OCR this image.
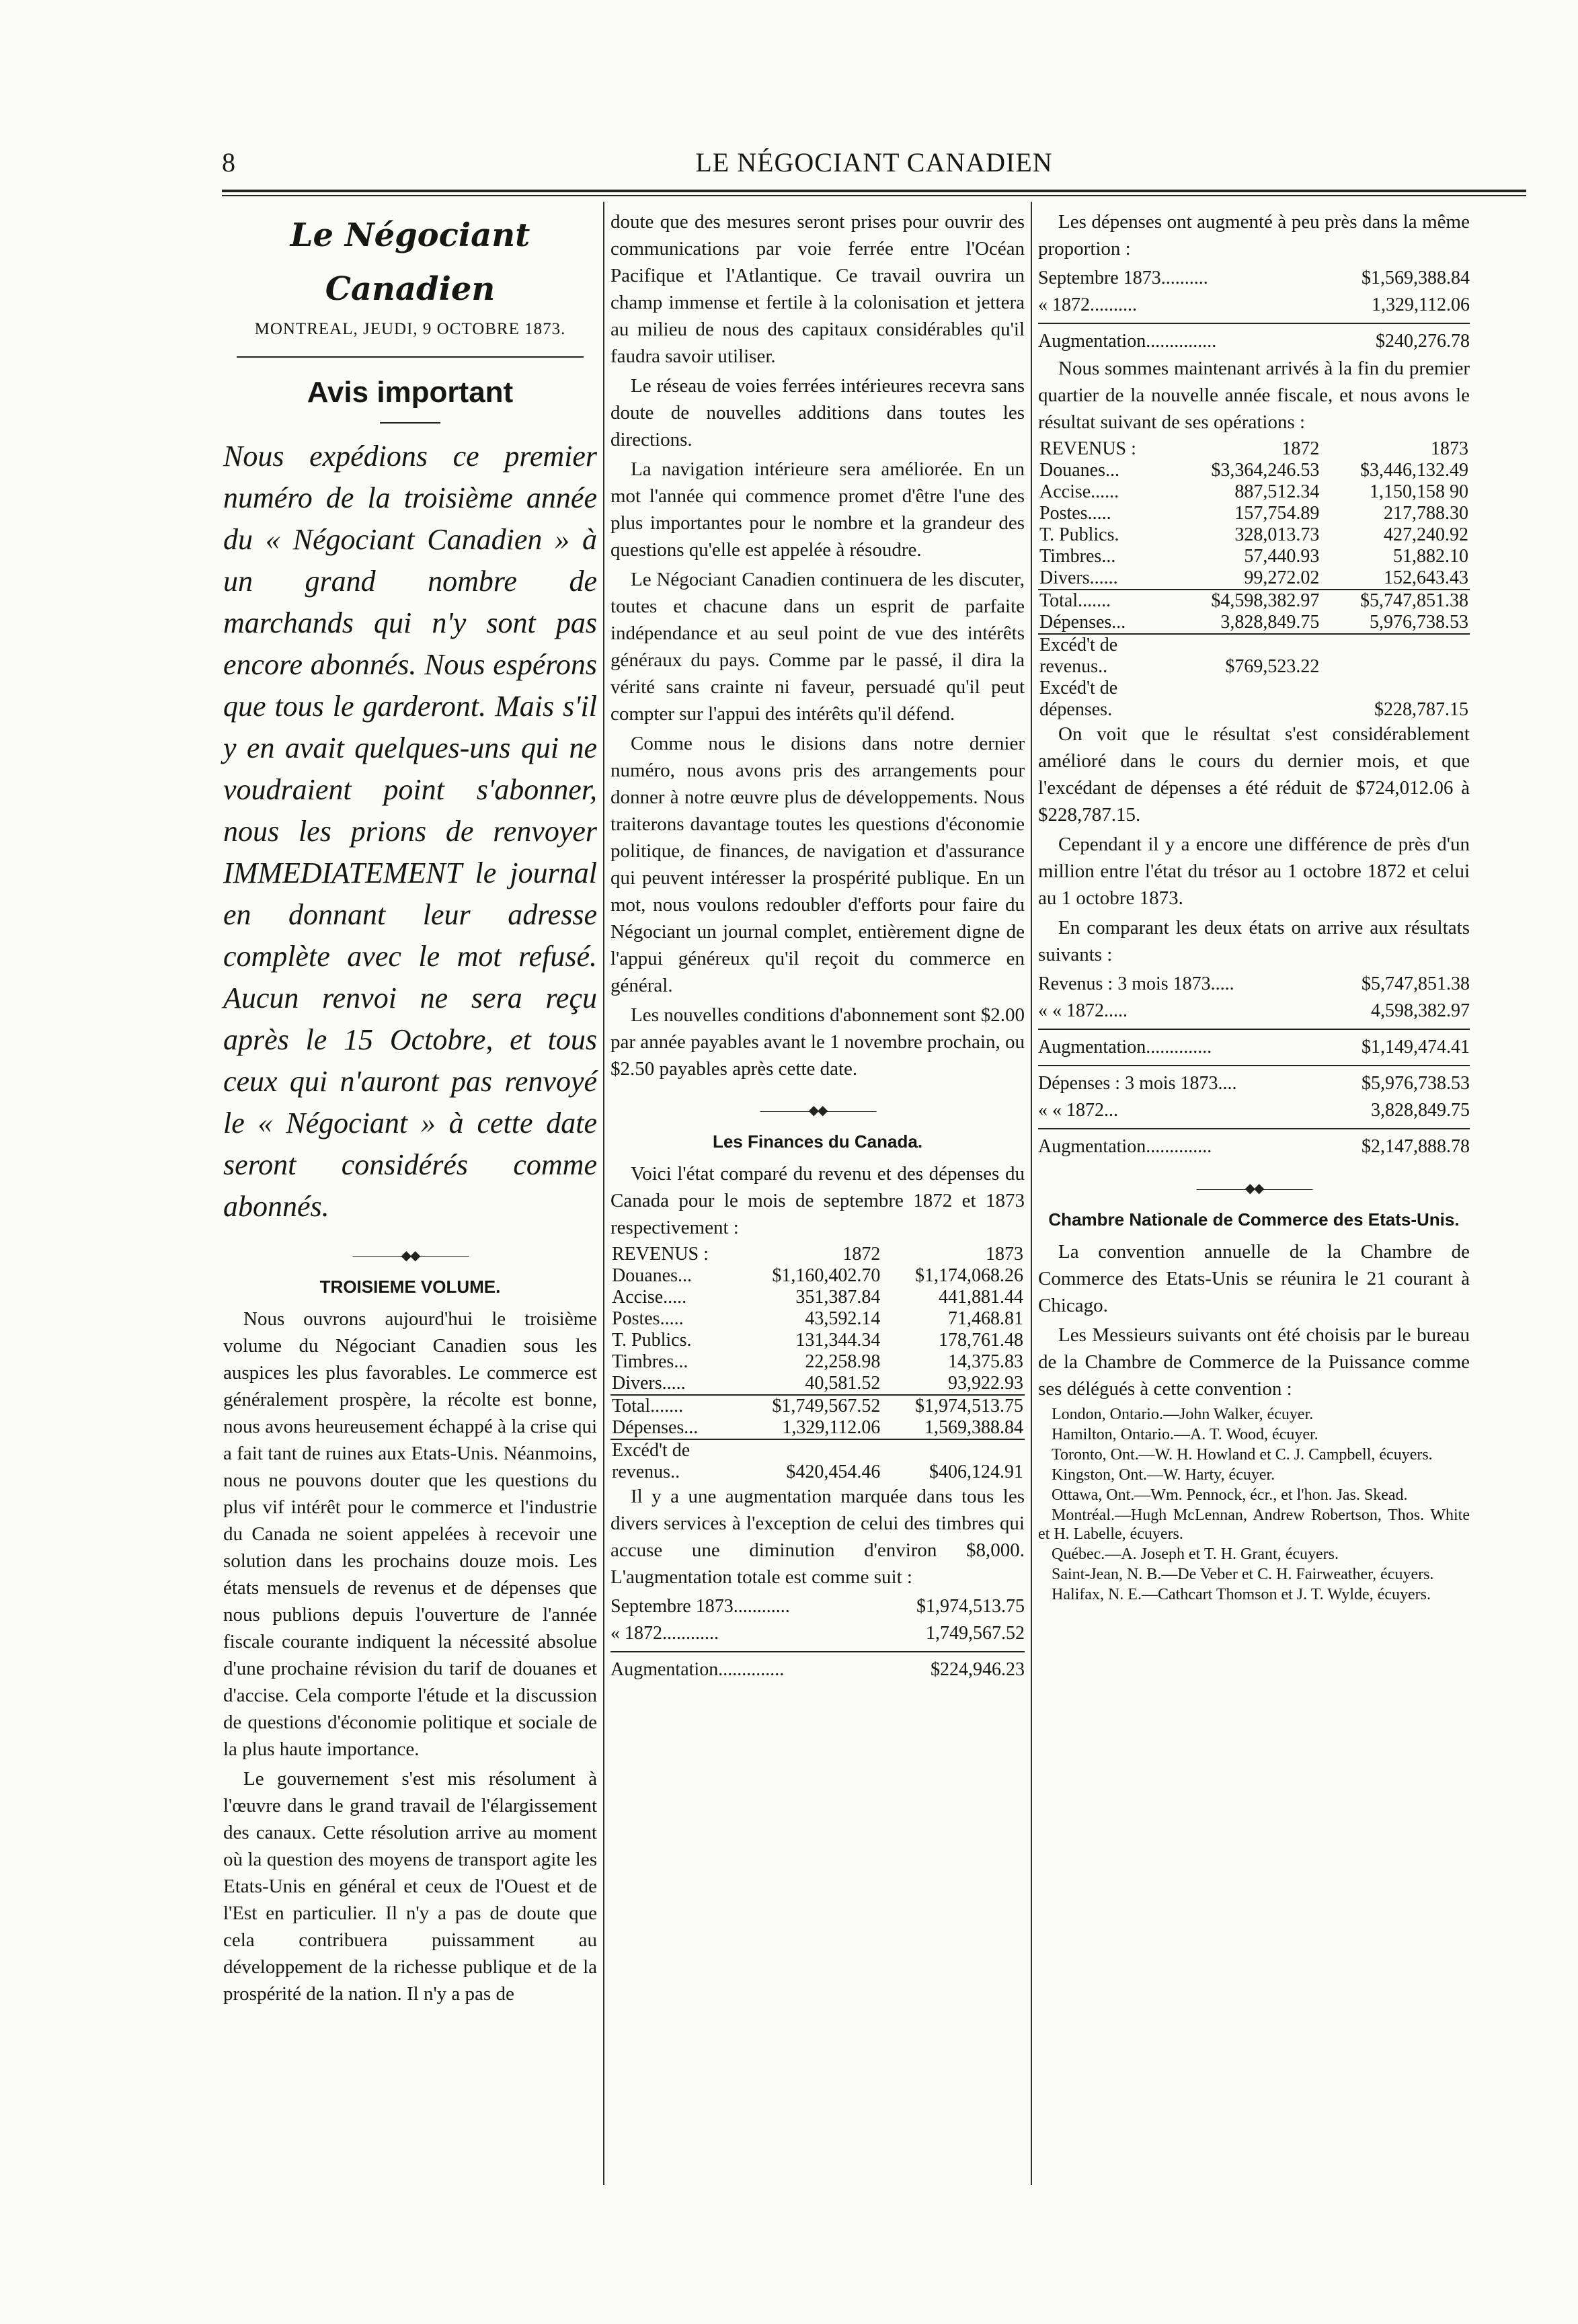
8	LE NÉGOCIANT CANADIEN
Le Négociant Canadien
MONTREAL, JEUDI, 9 OCTOBRE 1873.
Avis important
Nous expédions ce premier numéro de la troisième année du « Négociant Canadien » à un grand nombre de marchands qui n'y sont pas encore abonnés. Nous espérons que tous le garderont. Mais s'il y en avait quelques-uns qui ne voudraient point s'abonner, nous les prions de renvoyer IMMEDIATEMENT le journal en donnant leur adresse complète avec le mot refusé. Aucun renvoi ne sera reçu après le 15 Octobre, et tous ceux qui n'auront pas renvoyé le « Négociant » à cette date seront considérés comme abonnés.
————◆◆————
TROISIEME VOLUME.

Nous ouvrons aujourd'hui le troisième volume du Négociant Canadien sous les auspices les plus favorables. Le commerce est généralement prospère, la récolte est bonne, nous avons heureusement échappé à la crise qui a fait tant de ruines aux Etats-Unis. Néanmoins, nous ne pouvons douter que les questions du plus vif intérêt pour le commerce et l'industrie du Canada ne soient appelées à recevoir une solution dans les prochains douze mois. Les états mensuels de revenus et de dépenses que nous publions depuis l'ouverture de l'année fiscale courante indiquent la nécessité absolue d'une prochaine révision du tarif de douanes et d'accise. Cela comporte l'étude et la discussion de questions d'économie politique et sociale de la plus haute importance.

Le gouvernement s'est mis résolument à l'œuvre dans le grand travail de l'élargissement des canaux. Cette résolution arrive au moment où la question des moyens de transport agite les Etats-Unis en général et ceux de l'Ouest et de l'Est en particulier. Il n'y a pas de doute que cela contribuera puissamment au développement de la richesse publique et de la prospérité de la nation. Il n'y a pas de

doute que des mesures seront prises pour ouvrir des communications par voie ferrée entre l'Océan Pacifique et l'Atlantique. Ce travail ouvrira un champ immense et fertile à la colonisation et jettera au milieu de nous des capitaux considérables qu'il faudra savoir utiliser.

Le réseau de voies ferrées intérieures recevra sans doute de nouvelles additions dans toutes les directions.

La navigation intérieure sera améliorée. En un mot l'année qui commence promet d'être l'une des plus importantes pour le nombre et la grandeur des questions qu'elle est appelée à résoudre.

Le Négociant Canadien continuera de les discuter, toutes et chacune dans un esprit de parfaite indépendance et au seul point de vue des intérêts généraux du pays. Comme par le passé, il dira la vérité sans crainte ni faveur, persuadé qu'il peut compter sur l'appui des intérêts qu'il défend.

Comme nous le disions dans notre dernier numéro, nous avons pris des arrangements pour donner à notre œuvre plus de développements. Nous traiterons davantage toutes les questions d'économie politique, de finances, de navigation et d'assurance qui peuvent intéresser la prospérité publique. En un mot, nous voulons redoubler d'efforts pour faire du Négociant un journal complet, entièrement digne de l'appui généreux qu'il reçoit du commerce en général.

Les nouvelles conditions d'abonnement sont $2.00 par année payables avant le 1 novembre prochain, ou $2.50 payables après cette date.

————◆◆————
Les Finances du Canada.

Voici l'état comparé du revenu et des dépenses du Canada pour le mois de septembre 1872 et 1873 respectivement :

REVENUS :	1872	1873
Douanes...	$1,160,402.70	$1,174,068.26
Accise.....	351,387.84	441,881.44
Postes.....	43,592.14	71,468.81
T. Publics.	131,344.34	178,761.48
Timbres...	22,258.98	14,375.83
Divers.....	40,581.52	93,922.93
Total.......	$1,749,567.52	$1,974,513.75
Dépenses...	1,329,112.06	1,569,388.84
Excéd't de		
revenus..	$420,454.46	$406,124.91

Il y a une augmentation marquée dans tous les divers services à l'exception de celui des timbres qui accuse une diminution d'environ $8,000. L'augmentation totale est comme suit :

Septembre 1873............	$1,974,513.75
« 1872............	1,749,567.52
Augmentation..............	$224,946.23

Les dépenses ont augmenté à peu près dans la même proportion :

Septembre 1873..........	$1,569,388.84
« 1872..........	1,329,112.06
Augmentation...............	$240,276.78

Nous sommes maintenant arrivés à la fin du premier quartier de la nouvelle année fiscale, et nous avons le résultat suivant de ses opérations :

REVENUS :	1872	1873
Douanes...	$3,364,246.53	$3,446,132.49
Accise......	887,512.34	1,150,158 90
Postes.....	157,754.89	217,788.30
T. Publics.	328,013.73	427,240.92
Timbres...	57,440.93	51,882.10
Divers......	99,272.02	152,643.43
Total.......	$4,598,382.97	$5,747,851.38
Dépenses...	3,828,849.75	5,976,738.53
Excéd't de		
revenus..	$769,523.22	
Excéd't de		
dépenses.		$228,787.15

On voit que le résultat s'est considérablement amélioré dans le cours du dernier mois, et que l'excédant de dépenses a été réduit de $724,012.06 à $228,787.15.

Cependant il y a encore une différence de près d'un million entre l'état du trésor au 1 octobre 1872 et celui au 1 octobre 1873.

En comparant les deux états on arrive aux résultats suivants :

Revenus : 3 mois 1873.....	$5,747,851.38
« « 1872.....	4,598,382.97
Augmentation..............	$1,149,474.41
Dépenses : 3 mois 1873....	$5,976,738.53
« « 1872...	3,828,849.75
Augmentation..............	$2,147,888.78
————◆◆————
Chambre Nationale de Commerce des Etats-Unis.

La convention annuelle de la Chambre de Commerce des Etats-Unis se réunira le 21 courant à Chicago.

Les Messieurs suivants ont été choisis par le bureau de la Chambre de Commerce de la Puissance comme ses délégués à cette convention :

London, Ontario.—John Walker, écuyer.

Hamilton, Ontario.—A. T. Wood, écuyer.

Toronto, Ont.—W. H. Howland et C. J. Campbell, écuyers.

Kingston, Ont.—W. Harty, écuyer.

Ottawa, Ont.—Wm. Pennock, écr., et l'hon. Jas. Skead.

Montréal.—Hugh McLennan, Andrew Robertson, Thos. White et H. Labelle, écuyers.

Québec.—A. Joseph et T. H. Grant, écuyers.

Saint-Jean, N. B.—De Veber et C. H. Fairweather, écuyers.

Halifax, N. E.—Cathcart Thomson et J. T. Wylde, écuyers.
